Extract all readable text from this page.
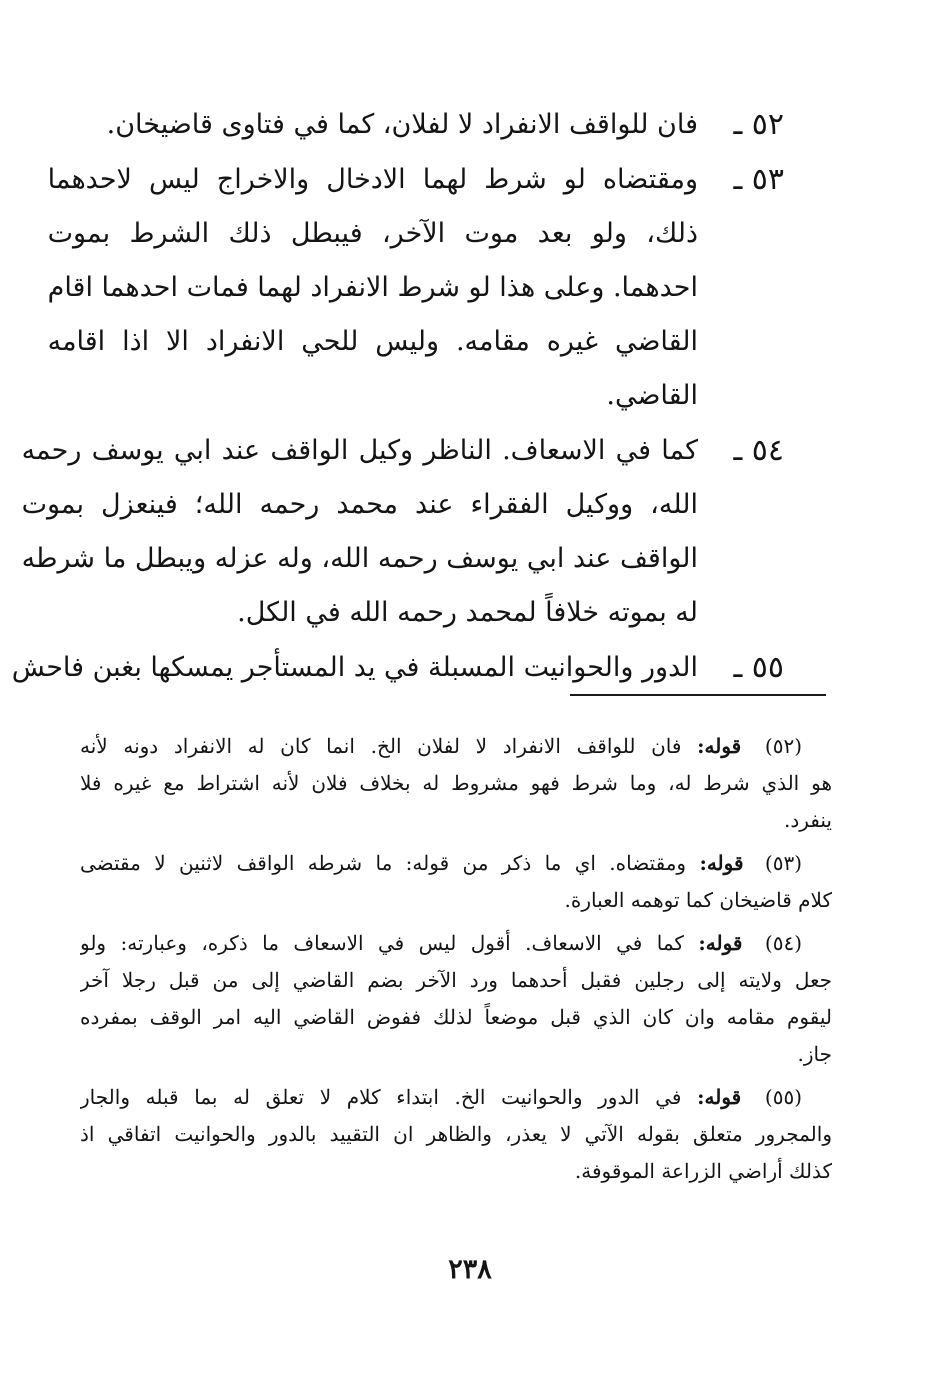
٥٢ ـ
فان للواقف الانفراد لا لفلان، كما في فتاوى قاضيخان.
٥٣ ـ
ومقتضاه لو شرط لهما الادخال والاخراج ليس لاحدهما
ذلك، ولو بعد موت الآخر، فيبطل ذلك الشرط بموت
احدهما. وعلى هذا لو شرط الانفراد لهما فمات احدهما اقام
القاضي غيره مقامه. وليس للحي الانفراد الا اذا اقامه
القاضي.
٥٤ ـ
كما في الاسعاف. الناظر وكيل الواقف عند ابي يوسف رحمه
الله، ووكيل الفقراء عند محمد رحمه الله؛ فينعزل بموت
الواقف عند ابي يوسف رحمه الله، وله عزله ويبطل ما شرطه
له بموته خلافاً لمحمد رحمه الله في الكل.
٥٥ ـ
الدور والحوانيت المسبلة في يد المستأجر يمسكها بغبن فاحش
(٥٢) قوله: فان للواقف الانفراد لا لفلان الخ. انما كان له الانفراد دونه لأنه
هو الذي شرط له، وما شرط فهو مشروط له بخلاف فلان لأنه اشتراط مع غيره فلا
ينفرد.
(٥٣) قوله: ومقتضاه. اي ما ذكر من قوله: ما شرطه الواقف لاثنين لا مقتضى
كلام قاضيخان كما توهمه العبارة.
(٥٤) قوله: كما في الاسعاف. أقول ليس في الاسعاف ما ذكره، وعبارته: ولو
جعل ولايته إلى رجلين فقبل أحدهما ورد الآخر بضم القاضي إلى من قبل رجلا آخر
ليقوم مقامه وان كان الذي قبل موضعاً لذلك ففوض القاضي اليه امر الوقف بمفرده
جاز.
(٥٥) قوله: في الدور والحوانيت الخ. ابتداء كلام لا تعلق له بما قبله والجار
والمجرور متعلق بقوله الآتي لا يعذر، والظاهر ان التقييد بالدور والحوانيت اتفاقي اذ
كذلك أراضي الزراعة الموقوفة.
٢٣٨
